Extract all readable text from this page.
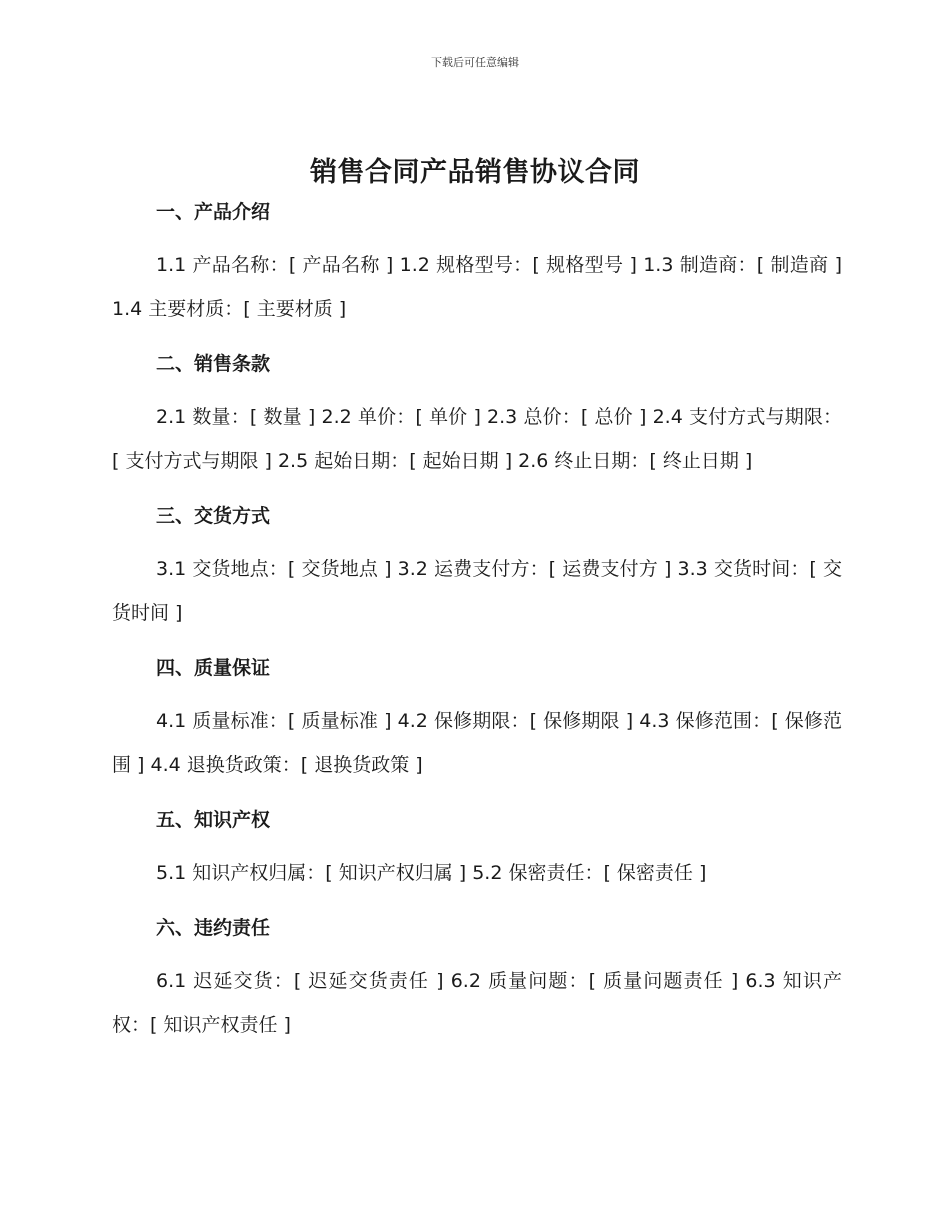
下载后可任意编辑
销售合同产品销售协议合同
一、产品介绍

1.1 产品名称：[ 产品名称 ] 1.2 规格型号：[ 规格型号 ] 1.3 制造商：[ 制造商 ] 1.4 主要材质：[ 主要材质 ]

二、销售条款

2.1 数量：[ 数量 ] 2.2 单价：[ 单价 ] 2.3 总价：[ 总价 ] 2.4 支付方式与期限：[ 支付方式与期限 ] 2.5 起始日期：[ 起始日期 ] 2.6 终止日期：[ 终止日期 ]

三、交货方式

3.1 交货地点：[ 交货地点 ] 3.2 运费支付方：[ 运费支付方 ] 3.3 交货时间：[ 交货时间 ]

四、质量保证

4.1 质量标准：[ 质量标准 ] 4.2 保修期限：[ 保修期限 ] 4.3 保修范围：[ 保修范围 ] 4.4 退换货政策：[ 退换货政策 ]

五、知识产权

5.1 知识产权归属：[ 知识产权归属 ] 5.2 保密责任：[ 保密责任 ]

六、违约责任

6.1 迟延交货：[ 迟延交货责任 ] 6.2 质量问题：[ 质量问题责任 ] 6.3 知识产权：[ 知识产权责任 ]
